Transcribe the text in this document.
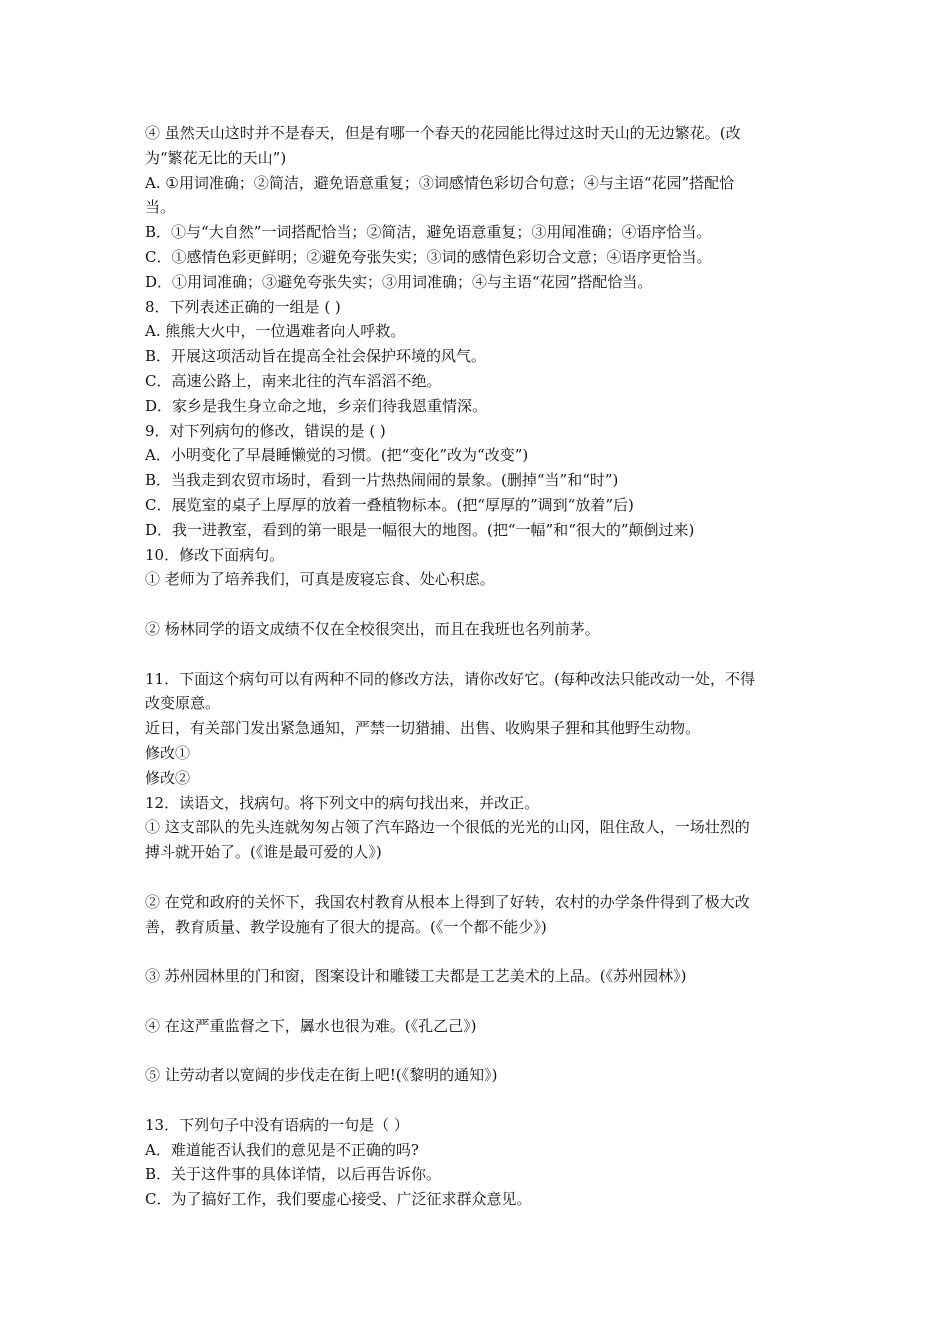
④ 虽然天山这时并不是春天，但是有哪一个春天的花园能比得过这时天山的无边繁花。(改
为“繁花无比的天山”)
A. ①用词准确；②简洁，避免语意重复；③词感情色彩切合句意；④与主语“花园”搭配恰
当。
B．①与“大自然”一词搭配恰当；②简洁，避免语意重复；③用闻准确；④语序恰当。
C．①感情色彩更鲜明；②避免夸张失实；③词的感情色彩切合文意；④语序更恰当。
D．①用词准确；③避免夸张失实；③用词准确；④与主语“花园”搭配恰当。
8．下列表述正确的一组是 ( )
A. 熊熊大火中，一位遇难者向人呼救。
B．开展这项活动旨在提高全社会保护环境的风气。
C．高速公路上，南来北往的汽车滔滔不绝。
D．家乡是我生身立命之地，乡亲们待我恩重情深。
9．对下列病句的修改，错误的是 ( )
A．小明变化了早晨睡懒觉的习惯。(把“变化”改为“改变”)
B．当我走到农贸市场时，看到一片热热闹闹的景象。(删掉“当”和“时”)
C．展览室的桌子上厚厚的放着一叠植物标本。(把“厚厚的”调到“放着”后)
D．我一进教室，看到的第一眼是一幅很大的地图。(把“一幅”和“很大的”颠倒过来)
10．修改下面病句。
① 老师为了培养我们，可真是废寝忘食、处心积虑。
② 杨林同学的语文成绩不仅在全校很突出，而且在我班也名列前茅。
11．下面这个病句可以有两种不同的修改方法，请你改好它。(每种改法只能改动一处，不得
改变原意。
近日，有关部门发出紧急通知，严禁一切猎捕、出售、收购果子狸和其他野生动物。
修改①
修改②
12．读语文，找病句。将下列文中的病句找出来，并改正。
① 这支部队的先头连就匆匆占领了汽车路边一个很低的光光的山冈，阻住敌人，一场壮烈的
搏斗就开始了。(《谁是最可爱的人》)
② 在党和政府的关怀下，我国农村教育从根本上得到了好转，农村的办学条件得到了极大改
善，教育质量、教学设施有了很大的提高。(《一个都不能少》)
③ 苏州园林里的门和窗，图案设计和雕镂工夫都是工艺美术的上品。(《苏州园林》)
④ 在这严重监督之下，羼水也很为难。(《孔乙己》)
⑤ 让劳动者以宽阔的步伐走在街上吧!(《黎明的通知》)
13．下列句子中没有语病的一句是（ ）
A．难道能否认我们的意见是不正确的吗?
B．关于这件事的具体详情，以后再告诉你。
C．为了搞好工作，我们要虚心接受、广泛征求群众意见。
